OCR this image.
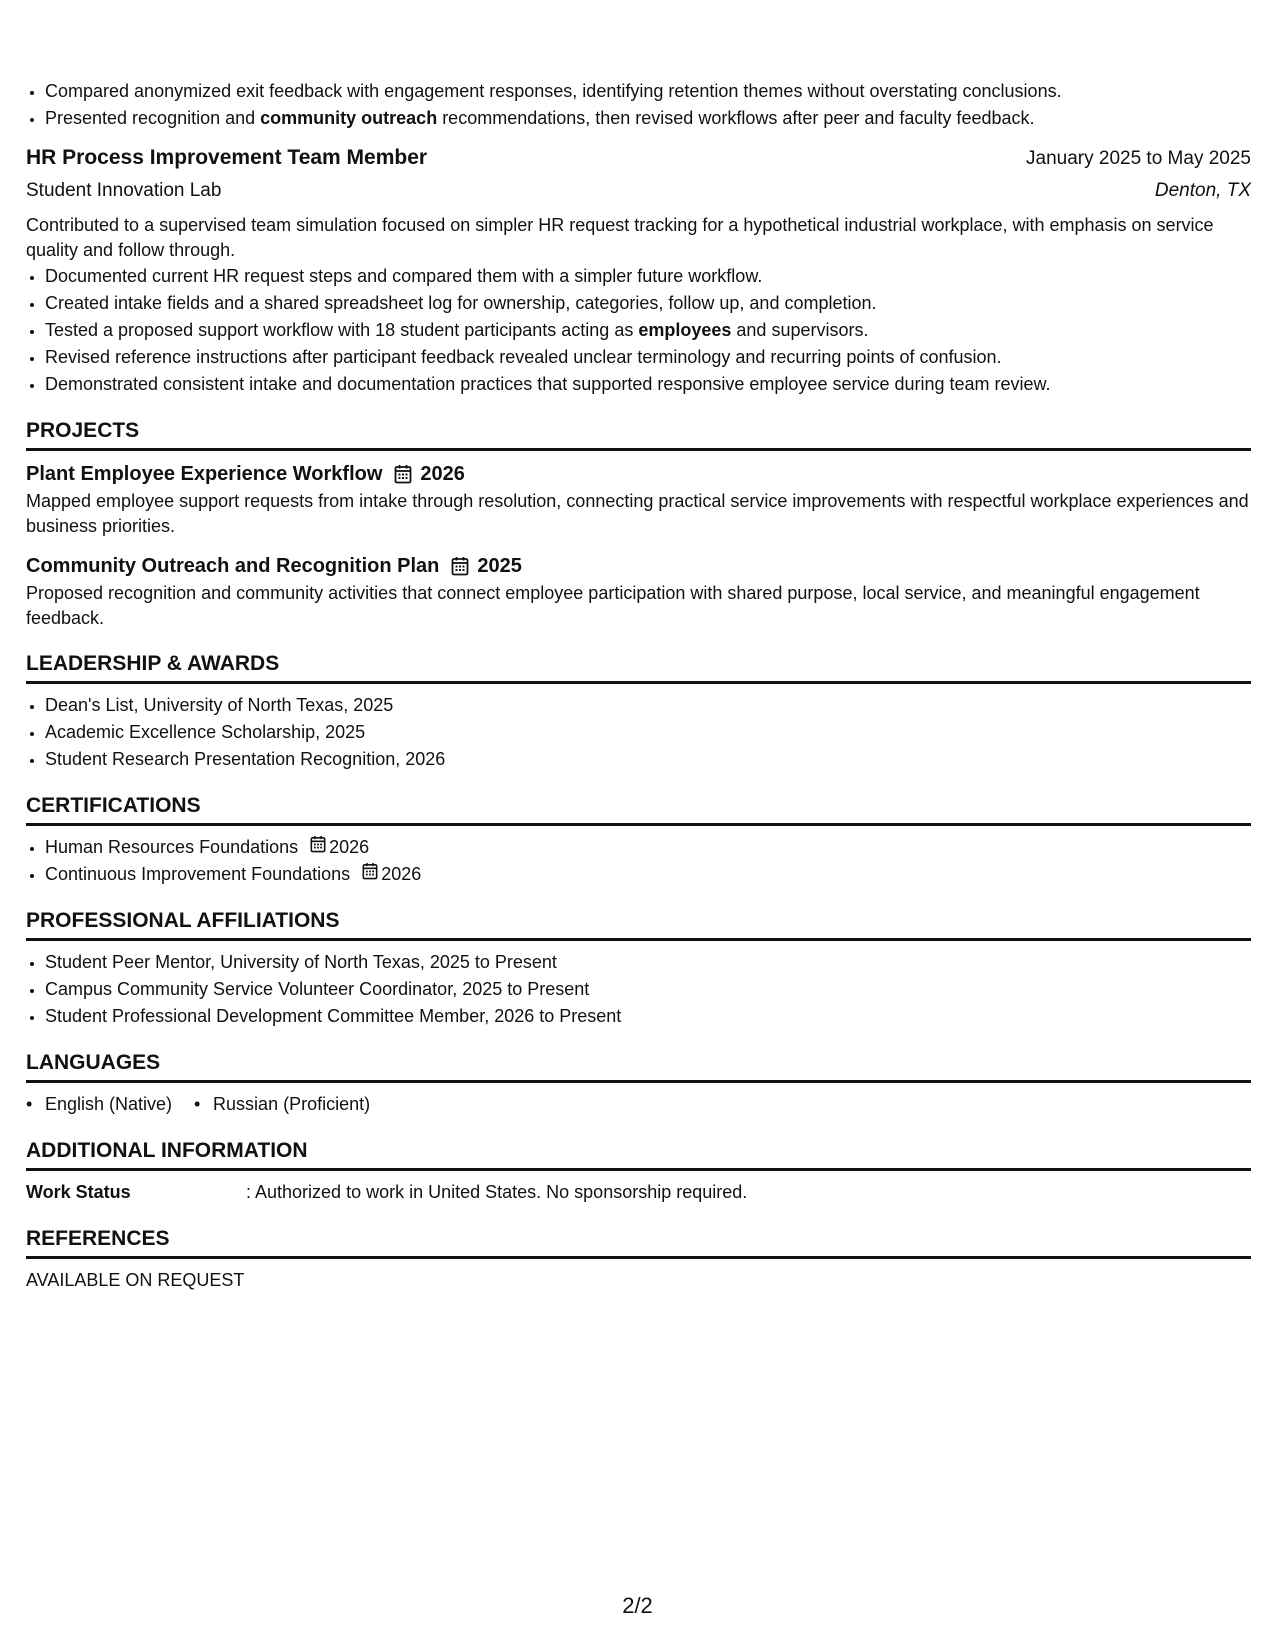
• Compared anonymized exit feedback with engagement responses, identifying retention themes without overstating conclusions.
• Presented recognition and community outreach recommendations, then revised workflows after peer and faculty feedback.
HR Process Improvement Team Member	January 2025 to May 2025
Student Innovation Lab	Denton, TX
Contributed to a supervised team simulation focused on simpler HR request tracking for a hypothetical industrial workplace, with emphasis on service quality and follow through.
• Documented current HR request steps and compared them with a simpler future workflow.
• Created intake fields and a shared spreadsheet log for ownership, categories, follow up, and completion.
• Tested a proposed support workflow with 18 student participants acting as employees and supervisors.
• Revised reference instructions after participant feedback revealed unclear terminology and recurring points of confusion.
• Demonstrated consistent intake and documentation practices that supported responsive employee service during team review.
PROJECTS
Plant Employee Experience Workflow 2026
Mapped employee support requests from intake through resolution, connecting practical service improvements with respectful workplace experiences and business priorities.
Community Outreach and Recognition Plan 2025
Proposed recognition and community activities that connect employee participation with shared purpose, local service, and meaningful engagement feedback.
LEADERSHIP & AWARDS
• Dean's List, University of North Texas, 2025
• Academic Excellence Scholarship, 2025
• Student Research Presentation Recognition, 2026
CERTIFICATIONS
• Human Resources Foundations 2026
• Continuous Improvement Foundations 2026
PROFESSIONAL AFFILIATIONS
• Student Peer Mentor, University of North Texas, 2025 to Present
• Campus Community Service Volunteer Coordinator, 2025 to Present
• Student Professional Development Committee Member, 2026 to Present
LANGUAGES
• English (Native)
•	Russian (Proficient)
ADDITIONAL INFORMATION
Work Status	: Authorized to work in United States. No sponsorship required.
REFERENCES
AVAILABLE ON REQUEST
2/2
